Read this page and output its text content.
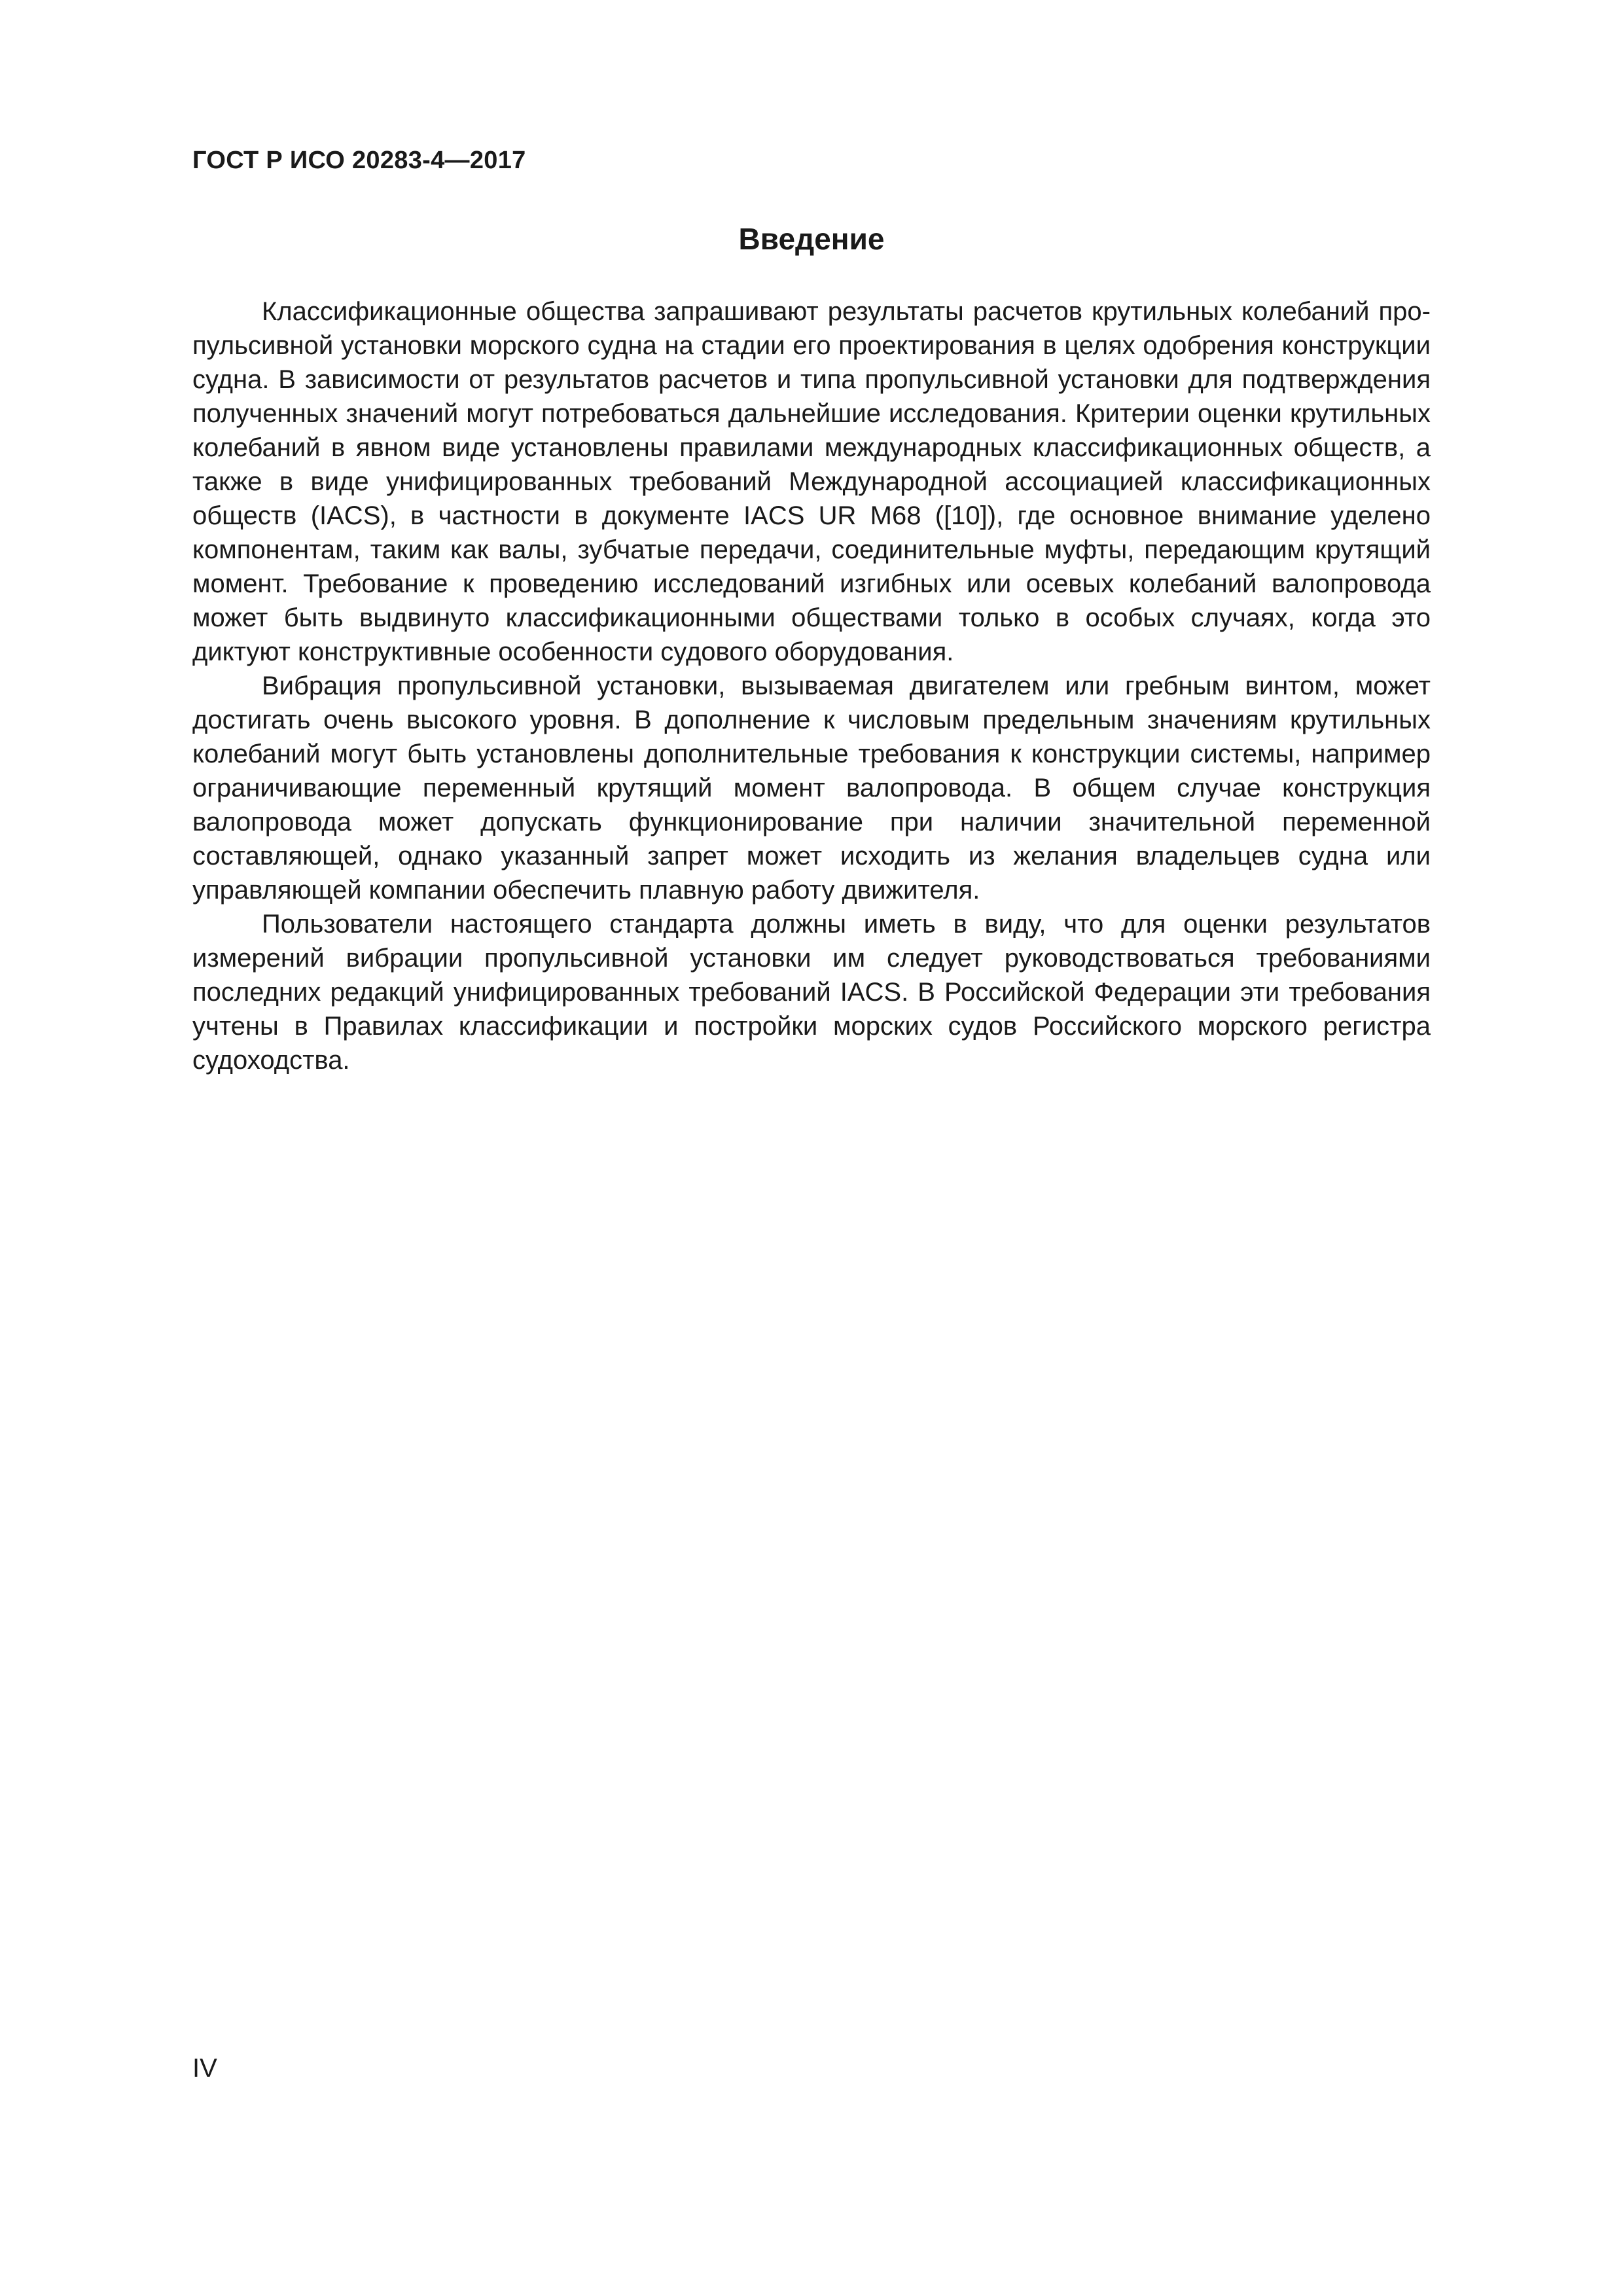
ГОСТ Р ИСО 20283-4—2017
Введение

Классификационные общества запрашивают результаты расчетов крутильных колебаний пропульсивной установки морского судна на стадии его проектирования в целях одобрения конструкции судна. В зависимости от результатов расчетов и типа пропульсивной установки для подтверждения полученных значений могут потребоваться дальнейшие исследования. Критерии оценки крутильных колебаний в явном виде установлены правилами международных классификационных обществ, а также в виде унифицированных требований Международной ассоциацией классификационных обществ (IACS), в частности в документе IACS UR M68 ([10]), где основное внимание уделено компонентам, таким как валы, зубчатые передачи, соединительные муфты, передающим крутящий момент. Требование к проведению исследований изгибных или осевых колебаний валопровода может быть выдвинуто классификационными обществами только в особых случаях, когда это диктуют конструктивные особенности судового оборудования.

Вибрация пропульсивной установки, вызываемая двигателем или гребным винтом, может достигать очень высокого уровня. В дополнение к числовым предельным значениям крутильных колебаний могут быть установлены дополнительные требования к конструкции системы, например ограничивающие переменный крутящий момент валопровода. В общем случае конструкция валопровода может допускать функционирование при наличии значительной переменной составляющей, однако указанный запрет может исходить из желания владельцев судна или управляющей компании обеспечить плавную работу движителя.

Пользователи настоящего стандарта должны иметь в виду, что для оценки результатов измерений вибрации пропульсивной установки им следует руководствоваться требованиями последних редакций унифицированных требований IACS. В Российской Федерации эти требования учтены в Правилах классификации и постройки морских судов Российского морского регистра судоходства.

IV
